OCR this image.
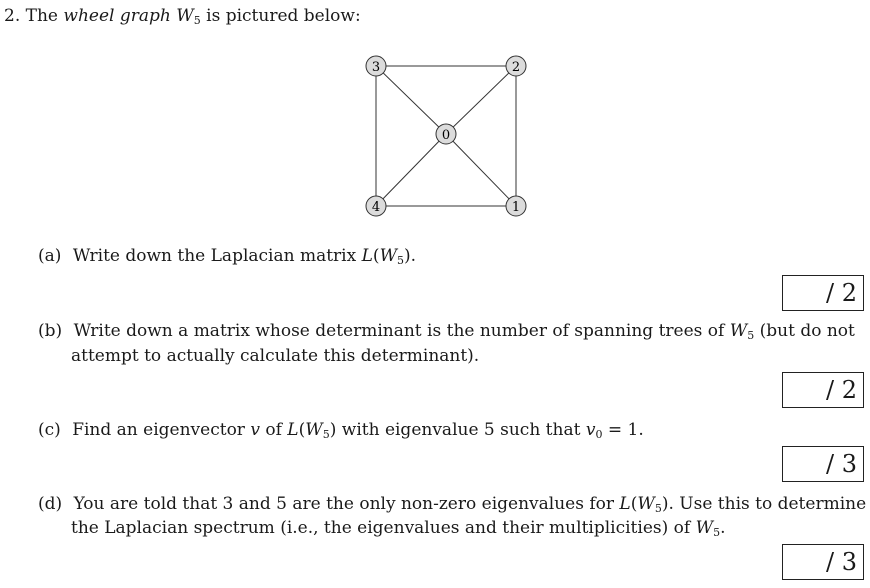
2. The wheel graph $W_5$ is pictured below:
3	2
0
4	1
(a) Write down the Laplacian matrix $L(W_5)$.
/ 2
(b) Write down a matrix whose determinant is the number of spanning trees of $W_5$ (but do not
attempt to actually calculate this determinant).
/ 2
(c) Find an eigenvector v of $L(W_5)$ with eigenvalue 5 such that $v_0 = 1$.
/ 3
(d) You are told that 3 and 5 are the only non-zero eigenvalues for $L(W_5)$. Use this to determine
the Laplacian spectrum (i.e., the eigenvalues and their multiplicities) of $W_5$.
/ 3
